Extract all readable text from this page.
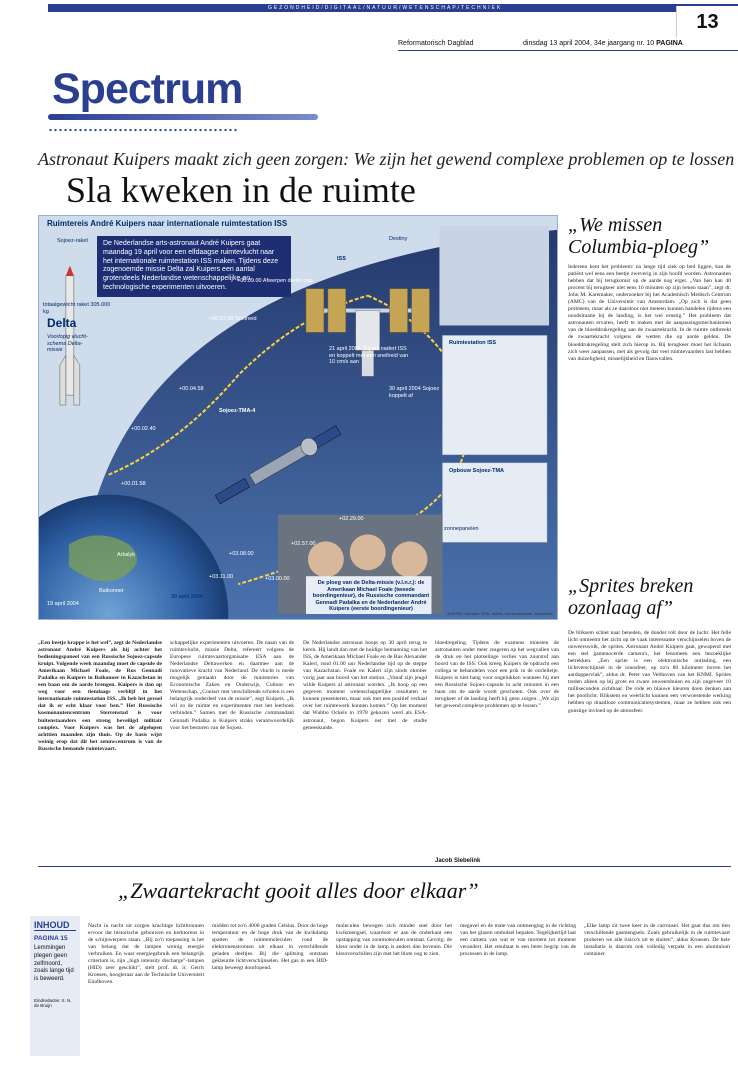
GEZONDHEID/DIGITAAL/NATUUR/WETENSCHAP/TECHNIEK
13
Spectrum
Reformatorisch Dagblad	dinsdag 13 april 2004, 34e jaargang nr. 10 PAGINA
Astronaut Kuipers maakt zich geen zorgen: We zijn het gewend complexe problemen op te lossen
Sla kweken in de ruimte
Ruimtereis André Kuipers naar internationale ruimtestation ISS
De Nederlandse arts-astronaut André Kuipers gaat maandag 19 april voor een elfdaagse ruimtevlucht naar het internationale ruimtestation ISS maken. Tijdens deze zogenoemde missie Delta zal Kuipers een aantal grotendeels Nederlandse wetenschappelijke en technologische experimenten uitvoeren.
Sojoez-raket
Delta
Voorlopig vlucht-schema Delta-missie
totaalgewicht raket 305.000 kg
+00.09.00 Afwerpen derde trap
+00.07.00 Snelheid
+00.04.58
+00.02.40
+00.01.58
ISS
Destiny
21 april 2004 Sojoez nadert ISS en koppelt met een snelheid van 10 cm/s aan
30 april 2004 Sojoez koppelt af
Sojoez-TMA-4
+02.29.00
+02.57.00
+03.00.00
+03.08.00
+03.11.00
30 april 2004
19 april 2004
Baikonoer
Arkalyk
Ruimtestation ISS
Opbouw Sojoez-TMA
zonnepanelen
De ploeg van de Delta-missie (v.l.n.r.): de Amerikaan Michael Foale (tweede boordingenieur), de Russische commandant Gennadi Padalka en de Nederlander André Kuipers (eerste boordingenieur)
ANP/RD, bronnen: ESA, NASA, ruimtevaartweb, archieffoto
„We missen Columbia-ploeg”
Iedereen kent het probleem: na lange tijd ziek op bed liggen, kan de patiënt wel eens een beetje zweverig in zijn hoofd worden. Astronauten hebben dat bij terugkomst op de aarde nog erger. „Van hen kan 40 procent bij terugkeer niet eens 10 minuten op zijn benen staan”, zegt dr. John M. Karemaker, onderzoeker bij het Academisch Medisch Centrum (AMC) van de Universiteit van Amsterdam. „Op zich is dat geen probleem, maar als ze daardoor niet meteen kunnen handelen tijdens een noodsituatie bij de landing, is het wel ernstig.” Het probleem dat astronauten ervaren, heeft te maken met de aanpassingsmechanismen van de bloeddrukregeling aan de zwaartekracht. In de ruimte ontbreekt de zwaartekracht volgens de wetten die op aarde gelden. De bloeddrukregeling stelt zich hierop in. Bij terugkeer moet het lichaam zich weer aanpassen, met als gevolg dat veel ruimtevaarders last hebben van duizeligheid, misselijkheid en flauwvallen.
„Sprites breken ozonlaag af”
De bliksem schiet naar beneden, de donder rolt door de lucht. Het felle licht ontneemt het zicht op de vaak interessante verschijnselen boven de onweerswolk, de sprites. Astronaut André Kuipers gaat, gewapend met een stel gamenocerde camera's, het fenomeen een bezoeklijke betrekken. „Een sprite is een elektronische ontlading, een lichtverschijnsel in de ionosfeer, op zo'n 80 kilometer boven het aardoppervlak”, aldus dr. Peter van Velthoven van het KNMI. Sprites treden alleen op bij grote en zware onweersbuien en zijn ongeveer 10 milliseconden zichtbaar. De rode en blauwe kleuren doen denken aan het poollicht. Blikstem en weerlicht kunnen een verwoestende werking hebben op draadloze communicatiesystemen, maar ze hebben ook een gunstige invloed op de atmosfeer.
„Een beetje krappe is het wel”, zegt de Nederlandse astronaut André Kuipers als hij achter het bedieningspaneel van een Russische Sojoez-capsule kruipt. Volgende week maandag moet de capsule de Amerikaan Michael Foale, de Rus Gennadi Padalka en Kuipers in Baikonoer in Kazachstan in een baan om de aarde brengen. Kuipers is dan op weg voor een tiendaags verblijf in het internationale ruimtestation ISS. „Ik heb het gevoel dat ik er echt klaar voor ben.” Het Russische kosmonautencentrum Sterrenstad is voor buitenstaanders een streng beveiligd militair complex. Voor Kuipers was het de afgelopen achttien maanden zijn thuis. Op de basis wijst weinig erop dat dit het zenuwcentrum is van de Russische bemande ruimtevaart.
schappelijke experimenten uitvoeren. De naam van de ruimtevlucht, missie Delta, refereert volgens de Europese ruimtevaartorganisatie ESA aan de Nederlandse Deltawerken en daarmee aan de innovatieve kracht van Nederland. De vlucht is mede mogelijk gemaakt door de ministeries van Economische Zaken en Onderwijs, Cultuur en Wetenschap. „Contact met verschillende scholen is een belangrijk onderdeel van de missie”, zegt Kuipers. „Ik wil zo de ruimte en experimenten met het leerboek verbinden.” Samen met de Russische commandant Gennadi Padalka is Kuipers straks verantwoordelijk voor het besturen van de Sojoez.
De Nederlandse astronaut hoopt op 30 april terug te keren. Hij landt dan met de huidige bemanning van het ISS, de Amerikaan Michael Foale en de Rus Alexander Kaleri, rond 01.00 uur Nederlandse tijd op de steppe van Kazachstan. Foale en Kaleri zijn sinds oktober vorig jaar aan boord van het station. „Vanaf zijn jeugd wilde Kuipers al astronaut worden. „Ik hoop op een gegeven moment wetenschappelijke resultaten te kunnen presenteren, maar ook met een positief verhaal over het ruimtewerk kunnen komen.” Op het moment dat Wubbo Ockels in 1978 gekozen werd als ESA-astronaut, begon Kuipers net met de studie geneeskunde.
bloedregeling. Tijdens de examens moesten de astronauten onder meer reageren op het wegvallen van de druk en het plotselinge verlies van zuurstof aan boord van de ISS. Ook kreeg Kuipers de opdracht een collega te behandelen voor een prik in de oorlelletje. Kuipers is niet bang voor ongelukken wanneer hij met een Russische Sojoez-capsule in acht minuten in een baan om de aarde wordt geschoten. Ook over de terugkeer of de landing heeft hij geen zorgen. „We zijn het gewend complexe problemen op te lossen.”
Jacob Slebelink
INHOUD
PAGINA 15
Lemmingen plegen geen zelfmoord, zoals lange tijd is beweerd.
Eindredactie: S. N. de Bruijn
„Zwaartekracht gooit alles door elkaar”
Nacht in nacht uit zorgen krachtige lichtbronnen ervoor dat historische gebouwen en kerktorens in de schijnwerpers staan. „Bij zo'n toepassing is het van belang dat de lampen weinig energie verbruiken. En waar energiegebruik een belangrijk criterium is, zijn „high intensity discharge”-lampen (HID) zeer geschikt”, stelt prof. dr. ir. Gerrit Kroesen, hoogleraar aan de Technische Universiteit Eindhoven.
midden tot zo'n 4000 graden Celsius. Door de hoge temperatuur en de hoge druk van de kwikdamp spatten de ruimtemoleculen rond de elektronenstromen uit elkaar in verschillende geladen deeltjes. Bij die splitsing ontstaan gekleurde lichtverschijnselen. Het gas in een HID-lamp beweegt doorlopend.
moleculen bewegen zich minder snel door het kwikmengsel, waardoor er aan de onderkant een opstapping van zoutmoleculen ontstaat. Gevolg: de kleur onder in de lamp is anders dan bovenin. Die kleurverschillen zijn met het blote oog te zien.
megavel en de mate van ontmenging in de richting van het glazen omhulsel bepalen. Tegelijkertijd laat een camera van wat er van moment tot moment verandert. Het resultaat is een beter begrip van de processen in de lamp.
„Elke lamp zit twee keer in de carrousel. Het gaat dus om tien verschillende gasmengsels. Zoals gebruikelijk in de ruimtevaart proberen we alle risico's uit te sluiten”, aldus Kroesen. De hele installatie is daarom ook volledig verpakt in een aluminium container.
